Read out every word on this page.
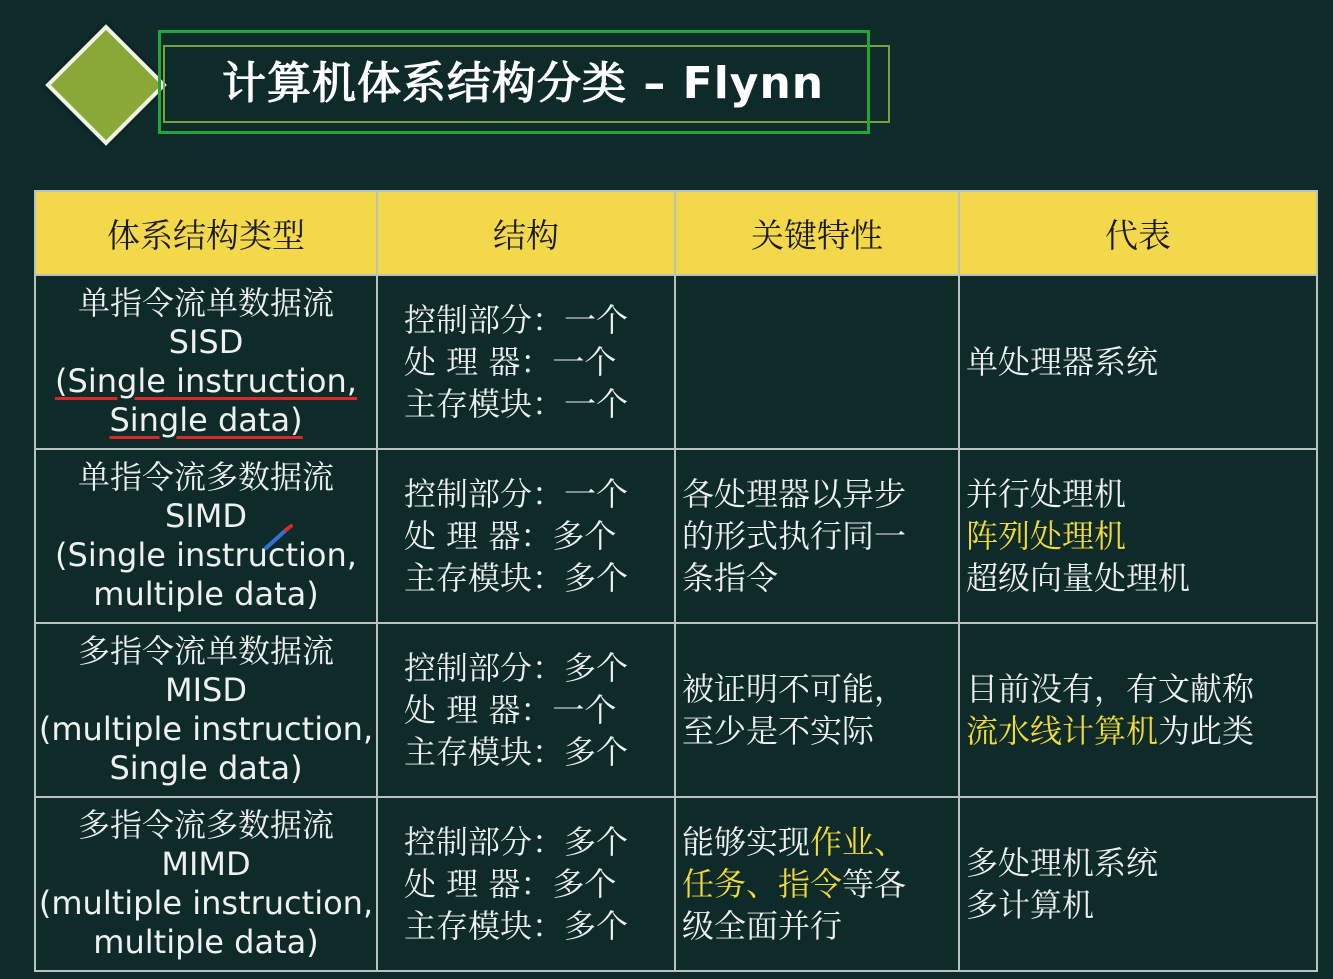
计算机体系结构分类 – Flynn
体系结构类型	结构	关键特性	代表

单指令流单数据流
SISD
(Single instruction,
Single data)	控制部分：一个
处 理 器：一个
主存模块：一个		单处理器系统

单指令流多数据流
SIMD
(Single instruction,
multiple data)	控制部分：一个
处 理 器：多个
主存模块：多个	各处理器以异步
的形式执行同一
条指令	并行处理机
阵列处理机
超级向量处理机

多指令流单数据流
MISD
(multiple instruction,
Single data)	控制部分：多个
处 理 器：一个
主存模块：多个	被证明不可能，
至少是不实际	目前没有，有文献称
流水线计算机为此类

多指令流多数据流
MIMD
(multiple instruction,
multiple data)	控制部分：多个
处 理 器：多个
主存模块：多个	能够实现作业、
任务、指令等各
级全面并行	多处理机系统
多计算机
